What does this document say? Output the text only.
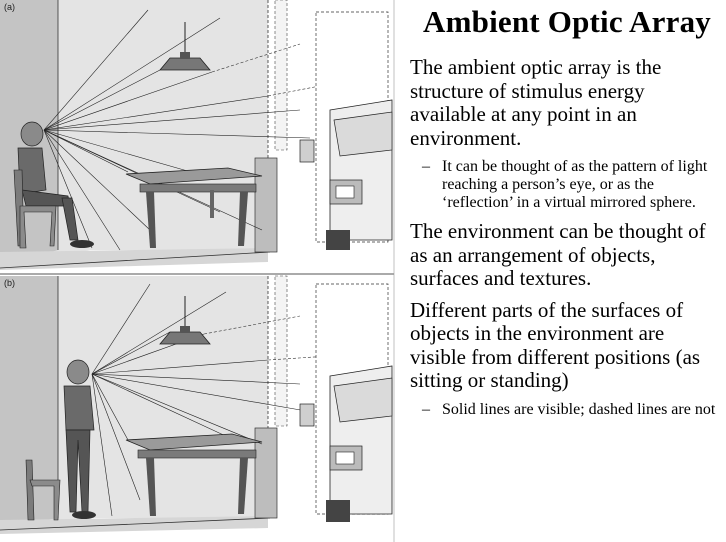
(a)
(b)
Ambient Optic Array
The ambient optic array is the structure of stimulus energy available at any point in an environment.
– It can be thought of as the pattern of light reaching a person’s eye, or as the ‘reflection’ in a virtual mirrored sphere.
The environment can be thought of as an arrangement of objects, surfaces and textures.
Different parts of the surfaces of objects in the environment are visible from different positions (as sitting or standing)
– Solid lines are visible; dashed lines are not
